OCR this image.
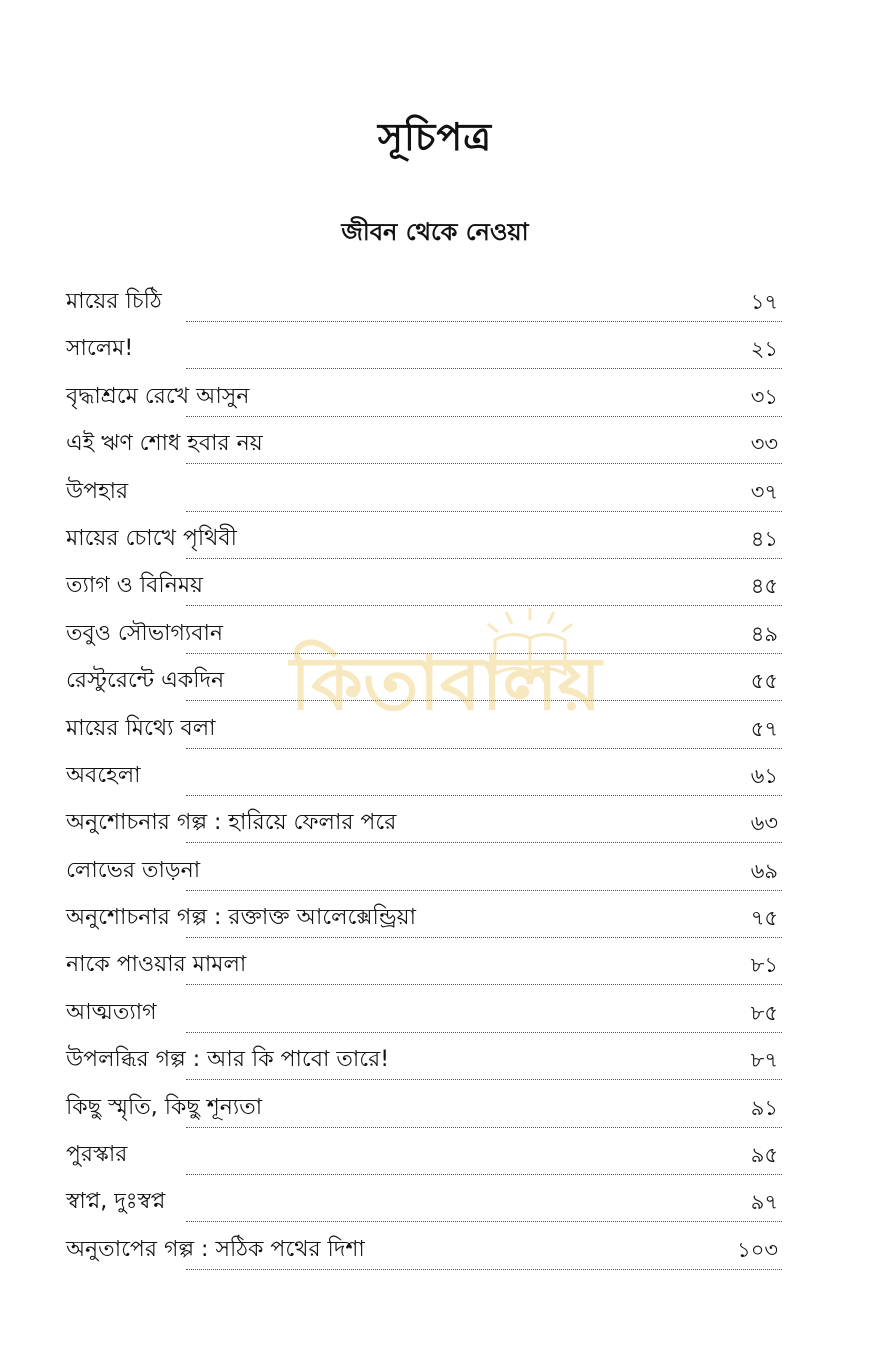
সূচিপত্র
জীবন থেকে নেওয়া
মায়ের চিঠি	১৭
সালেম!	২১
বৃদ্ধাশ্রমে রেখে আসুন	৩১
এই ঋণ শোধ হবার নয়	৩৩
উপহার	৩৭
মায়ের চোখে পৃথিবী	৪১
ত্যাগ ও বিনিময়	৪৫
তবুও সৌভাগ্যবান	৪৯
রেস্টুরেন্টে একদিন	৫৫
মায়ের মিথ্যে বলা	৫৭
অবহেলা	৬১
অনুশোচনার গল্প : হারিয়ে ফেলার পরে	৬৩
লোভের তাড়না	৬৯
অনুশোচনার গল্প : রক্তাক্ত আলেক্সেন্ড্রিয়া	৭৫
নাকে পাওয়ার মামলা	৮১
আত্মত্যাগ	৮৫
উপলব্ধির গল্প : আর কি পাবো তারে!	৮৭
কিছু স্মৃতি, কিছু শূন্যতা	৯১
পুরস্কার	৯৫
স্বাপ্ন, দুঃস্বপ্ন	৯৭
অনুতাপের গল্প : সঠিক পথের দিশা	১০৩
কিতাবালয়
